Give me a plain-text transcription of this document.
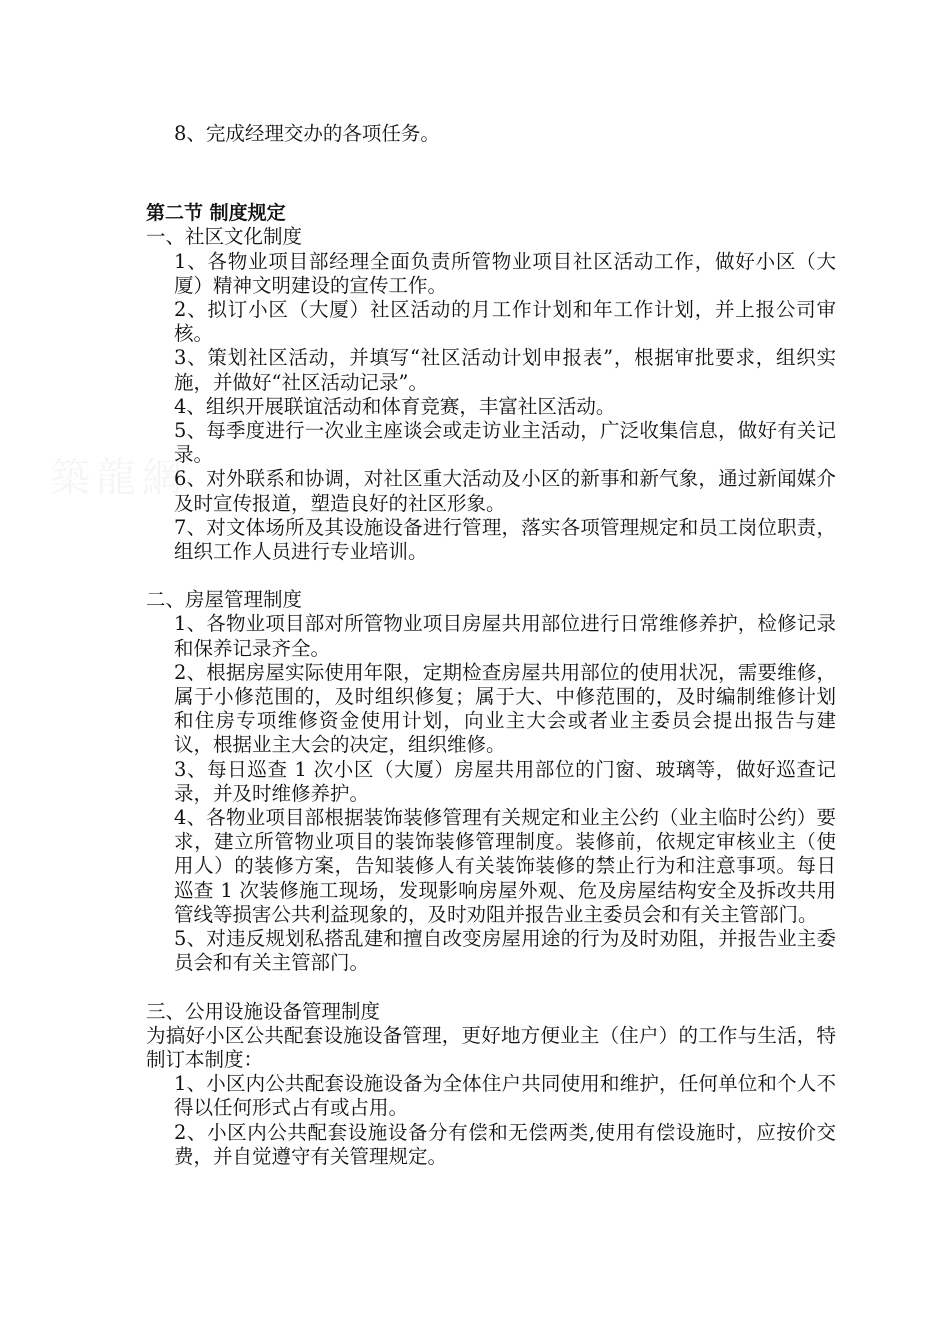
築龍網

8、完成经理交办的各项任务。

第二节 制度规定

一、社区文化制度

1、各物业项目部经理全面负责所管物业项目社区活动工作，做好小区（大厦）精神文明建设的宣传工作。

2、拟订小区（大厦）社区活动的月工作计划和年工作计划，并上报公司审核。

3、策划社区活动，并填写“社区活动计划申报表”，根据审批要求，组织实施，并做好“社区活动记录”。

4、组织开展联谊活动和体育竞赛，丰富社区活动。

5、每季度进行一次业主座谈会或走访业主活动，广泛收集信息，做好有关记录。

6、对外联系和协调，对社区重大活动及小区的新事和新气象，通过新闻媒介及时宣传报道，塑造良好的社区形象。

7、对文体场所及其设施设备进行管理，落实各项管理规定和员工岗位职责，组织工作人员进行专业培训。

二、房屋管理制度

1、各物业项目部对所管物业项目房屋共用部位进行日常维修养护，检修记录和保养记录齐全。

2、根据房屋实际使用年限，定期检查房屋共用部位的使用状况，需要维修，属于小修范围的，及时组织修复；属于大、中修范围的，及时编制维修计划和住房专项维修资金使用计划，向业主大会或者业主委员会提出报告与建议，根据业主大会的决定，组织维修。

3、每日巡查 1 次小区（大厦）房屋共用部位的门窗、玻璃等，做好巡查记录，并及时维修养护。

4、各物业项目部根据装饰装修管理有关规定和业主公约（业主临时公约）要求，建立所管物业项目的装饰装修管理制度。装修前，依规定审核业主（使用人）的装修方案，告知装修人有关装饰装修的禁止行为和注意事项。每日巡查 1 次装修施工现场，发现影响房屋外观、危及房屋结构安全及拆改共用管线等损害公共利益现象的，及时劝阻并报告业主委员会和有关主管部门。

5、对违反规划私搭乱建和擅自改变房屋用途的行为及时劝阻，并报告业主委员会和有关主管部门。

三、公用设施设备管理制度

为搞好小区公共配套设施设备管理，更好地方便业主（住户）的工作与生活，特制订本制度：

1、小区内公共配套设施设备为全体住户共同使用和维护，任何单位和个人不得以任何形式占有或占用。

2、小区内公共配套设施设备分有偿和无偿两类,使用有偿设施时，应按价交费，并自觉遵守有关管理规定。
